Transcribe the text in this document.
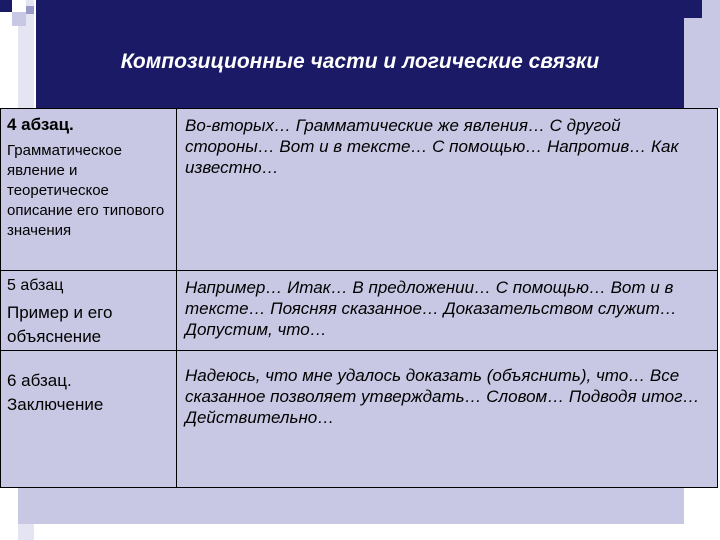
Композиционные части и логические связки
4 абзац.
Грамматическое явление и теоретическое описание его типового значения
Во-вторых… Грамматические же явления… С другой стороны… Вот и в тексте… С помощью… Напротив… Как известно…
5 абзац
Пример и его объяснение
Например… Итак… В предложении… С помощью… Вот и в тексте… Поясняя сказанное… Доказательством служит… Допустим, что…
6 абзац.
Заключение
Надеюсь, что мне удалось доказать (объяснить), что… Все сказанное позволяет утверждать… Словом… Подводя итог… Действительно…
